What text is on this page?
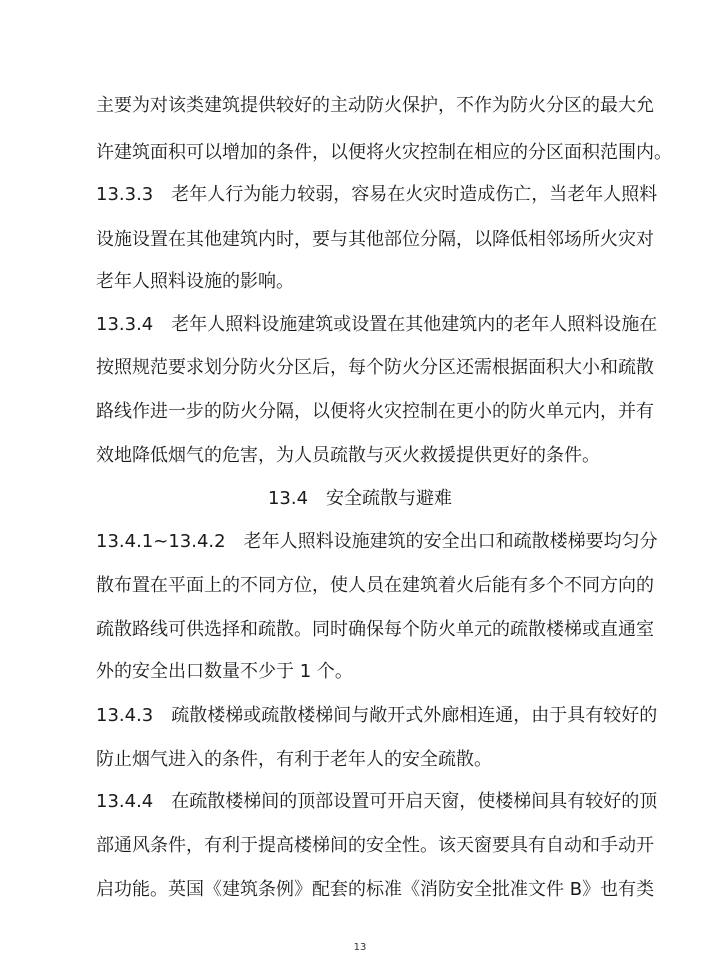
主要为对该类建筑提供较好的主动防火保护，不作为防火分区的最大允
许建筑面积可以增加的条件，以便将火灾控制在相应的分区面积范围内。
13.3.3　老年人行为能力较弱，容易在火灾时造成伤亡，当老年人照料
设施设置在其他建筑内时，要与其他部位分隔，以降低相邻场所火灾对
老年人照料设施的影响。
13.3.4　老年人照料设施建筑或设置在其他建筑内的老年人照料设施在
按照规范要求划分防火分区后，每个防火分区还需根据面积大小和疏散
路线作进一步的防火分隔，以便将火灾控制在更小的防火单元内，并有
效地降低烟气的危害，为人员疏散与灭火救援提供更好的条件。
13.4　安全疏散与避难
13.4.1~13.4.2　老年人照料设施建筑的安全出口和疏散楼梯要均匀分
散布置在平面上的不同方位，使人员在建筑着火后能有多个不同方向的
疏散路线可供选择和疏散。同时确保每个防火单元的疏散楼梯或直通室
外的安全出口数量不少于 1 个。
13.4.3　疏散楼梯或疏散楼梯间与敞开式外廊相连通，由于具有较好的
防止烟气进入的条件，有利于老年人的安全疏散。
13.4.4　在疏散楼梯间的顶部设置可开启天窗，使楼梯间具有较好的顶
部通风条件，有利于提高楼梯间的安全性。该天窗要具有自动和手动开
启功能。英国《建筑条例》配套的标准《消防安全批准文件 B》也有类
13
